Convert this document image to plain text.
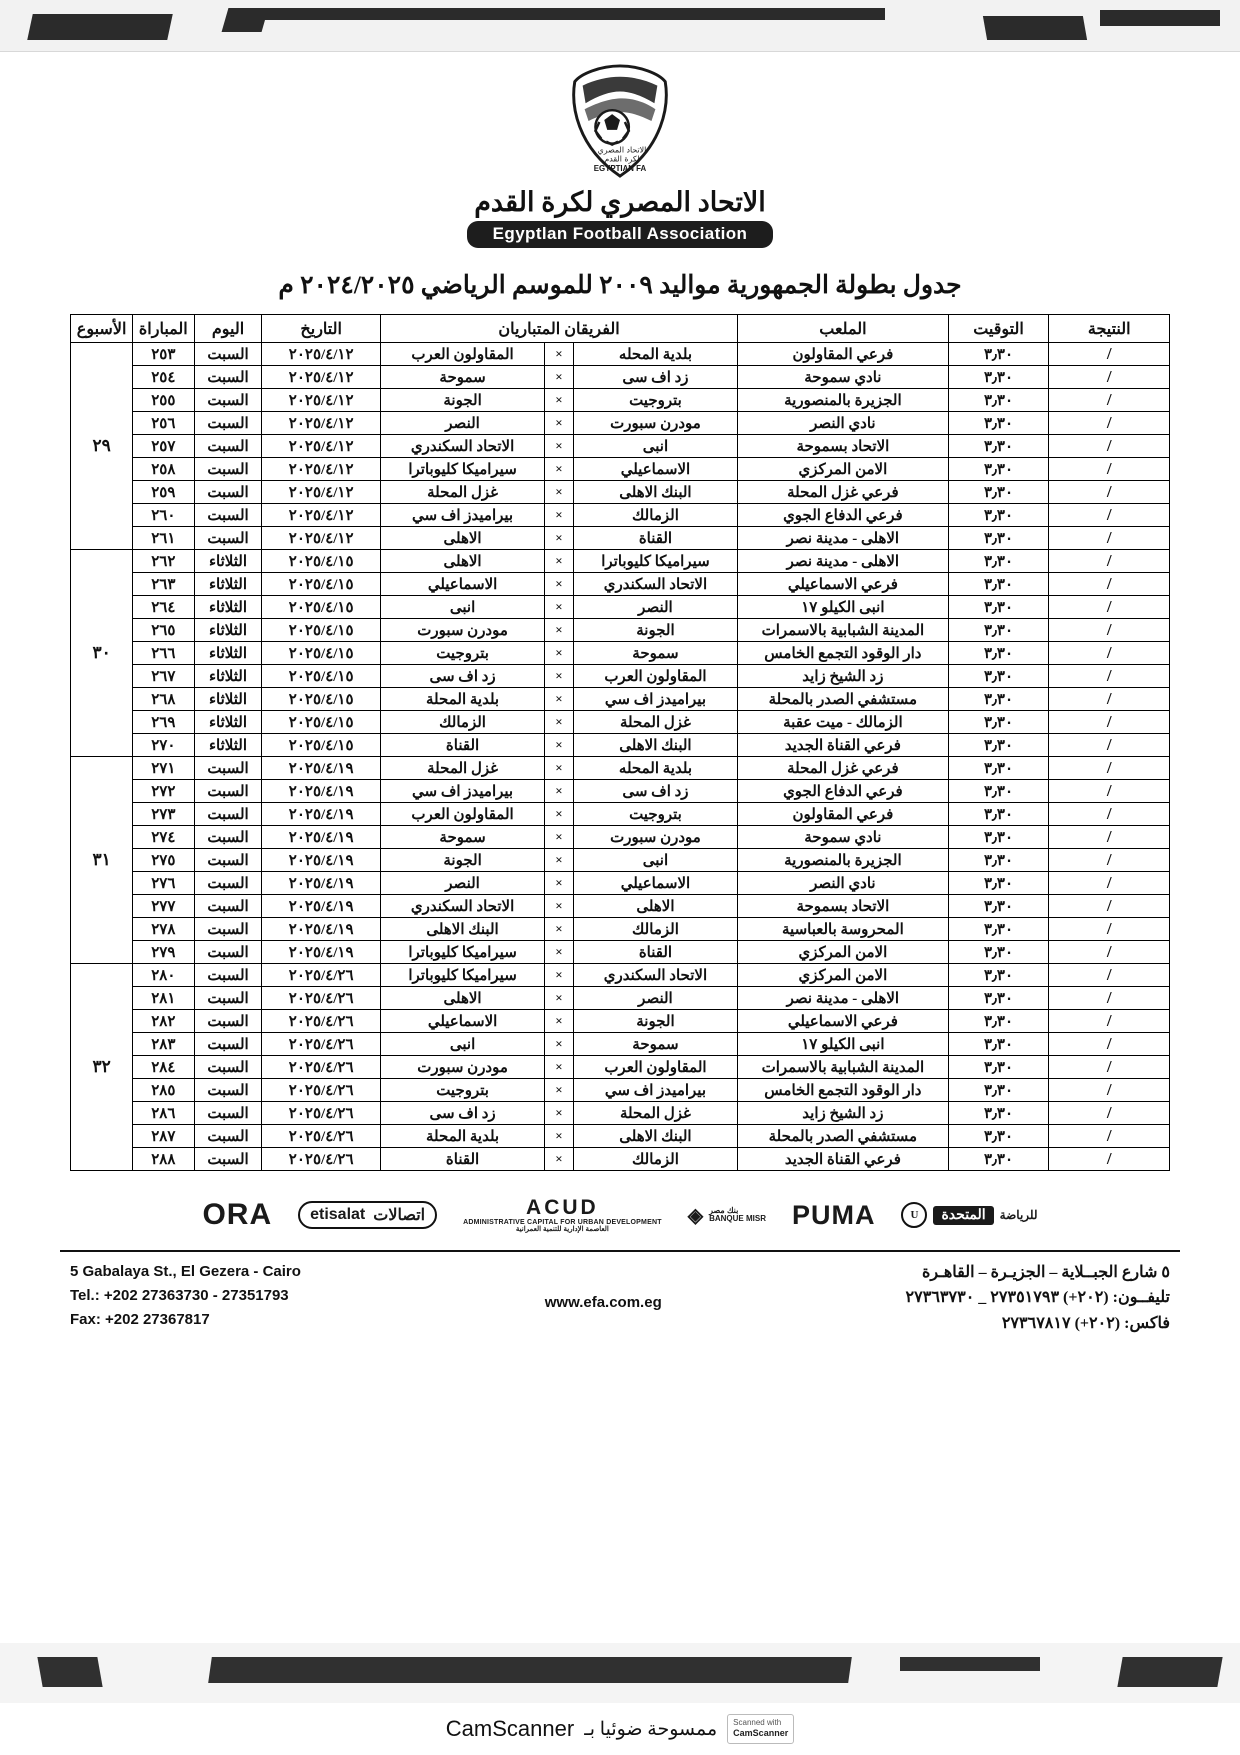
الاتحاد المصري
لكرة القدم
EGYPTIAN FA
الاتحاد المصري لكرة القدم
Egyptlan Football Association
جدول بطولة الجمهورية مواليد ٢٠٠٩ للموسم الرياضي ٢٠٢٤/٢٠٢٥ م
النتيجة	التوقيت	الملعب	الفريقان المتباريان			التاريخ	اليوم	المباراة	الأسبوع
/	٣٫٣٠	فرعي المقاولون	بلدية المحله	×	المقاولون العرب	٢٠٢٥/٤/١٢	السبت	٢٥٣	٢٩
/	٣٫٣٠	نادي سموحة	زد اف سى	×	سموحة	٢٠٢٥/٤/١٢	السبت	٢٥٤	
/	٣٫٣٠	الجزيرة بالمنصورية	بتروجيت	×	الجونة	٢٠٢٥/٤/١٢	السبت	٢٥٥	
/	٣٫٣٠	نادي النصر	مودرن سبورت	×	النصر	٢٠٢٥/٤/١٢	السبت	٢٥٦	
/	٣٫٣٠	الاتحاد بسموحة	انبى	×	الاتحاد السكندري	٢٠٢٥/٤/١٢	السبت	٢٥٧	
/	٣٫٣٠	الامن المركزي	الاسماعيلي	×	سيراميكا كليوباترا	٢٠٢٥/٤/١٢	السبت	٢٥٨	
/	٣٫٣٠	فرعي غزل المحلة	البنك الاهلى	×	غزل المحلة	٢٠٢٥/٤/١٢	السبت	٢٥٩	
/	٣٫٣٠	فرعي الدفاع الجوي	الزمالك	×	بيراميدز اف سي	٢٠٢٥/٤/١٢	السبت	٢٦٠	
/	٣٫٣٠	الاهلى - مدينة نصر	القناة	×	الاهلى	٢٠٢٥/٤/١٢	السبت	٢٦١	
/	٣٫٣٠	الاهلى - مدينة نصر	سيراميكا كليوباترا	×	الاهلى	٢٠٢٥/٤/١٥	الثلاثاء	٢٦٢	٣٠
/	٣٫٣٠	فرعي الاسماعيلي	الاتحاد السكندري	×	الاسماعيلي	٢٠٢٥/٤/١٥	الثلاثاء	٢٦٣	
/	٣٫٣٠	انبى الكيلو ١٧	النصر	×	انبى	٢٠٢٥/٤/١٥	الثلاثاء	٢٦٤	
/	٣٫٣٠	المدينة الشبابية بالاسمرات	الجونة	×	مودرن سبورت	٢٠٢٥/٤/١٥	الثلاثاء	٢٦٥	
/	٣٫٣٠	دار الوقود التجمع الخامس	سموحة	×	بتروجيت	٢٠٢٥/٤/١٥	الثلاثاء	٢٦٦	
/	٣٫٣٠	زد الشيخ زايد	المقاولون العرب	×	زد اف سى	٢٠٢٥/٤/١٥	الثلاثاء	٢٦٧	
/	٣٫٣٠	مستشفي الصدر بالمحلة	بيراميدز اف سي	×	بلدية المحلة	٢٠٢٥/٤/١٥	الثلاثاء	٢٦٨	
/	٣٫٣٠	الزمالك - ميت عقبة	غزل المحلة	×	الزمالك	٢٠٢٥/٤/١٥	الثلاثاء	٢٦٩	
/	٣٫٣٠	فرعي القناة الجديد	البنك الاهلى	×	القناة	٢٠٢٥/٤/١٥	الثلاثاء	٢٧٠	
/	٣٫٣٠	فرعي غزل المحلة	بلدية المحله	×	غزل المحلة	٢٠٢٥/٤/١٩	السبت	٢٧١	٣١
/	٣٫٣٠	فرعي الدفاع الجوي	زد اف سى	×	بيراميدز اف سي	٢٠٢٥/٤/١٩	السبت	٢٧٢	
/	٣٫٣٠	فرعي المقاولون	بتروجيت	×	المقاولون العرب	٢٠٢٥/٤/١٩	السبت	٢٧٣	
/	٣٫٣٠	نادي سموحة	مودرن سبورت	×	سموحة	٢٠٢٥/٤/١٩	السبت	٢٧٤	
/	٣٫٣٠	الجزيرة بالمنصورية	انبى	×	الجونة	٢٠٢٥/٤/١٩	السبت	٢٧٥	
/	٣٫٣٠	نادي النصر	الاسماعيلي	×	النصر	٢٠٢٥/٤/١٩	السبت	٢٧٦	
/	٣٫٣٠	الاتحاد بسموحة	الاهلى	×	الاتحاد السكندري	٢٠٢٥/٤/١٩	السبت	٢٧٧	
/	٣٫٣٠	المحروسة بالعباسية	الزمالك	×	البنك الاهلى	٢٠٢٥/٤/١٩	السبت	٢٧٨	
/	٣٫٣٠	الامن المركزي	القناة	×	سيراميكا كليوباترا	٢٠٢٥/٤/١٩	السبت	٢٧٩	
/	٣٫٣٠	الامن المركزي	الاتحاد السكندري	×	سيراميكا كليوباترا	٢٠٢٥/٤/٢٦	السبت	٢٨٠	٣٢
/	٣٫٣٠	الاهلى - مدينة نصر	النصر	×	الاهلى	٢٠٢٥/٤/٢٦	السبت	٢٨١	
/	٣٫٣٠	فرعي الاسماعيلي	الجونة	×	الاسماعيلي	٢٠٢٥/٤/٢٦	السبت	٢٨٢	
/	٣٫٣٠	انبى الكيلو ١٧	سموحة	×	انبى	٢٠٢٥/٤/٢٦	السبت	٢٨٣	
/	٣٫٣٠	المدينة الشبابية بالاسمرات	المقاولون العرب	×	مودرن سبورت	٢٠٢٥/٤/٢٦	السبت	٢٨٤	
/	٣٫٣٠	دار الوقود التجمع الخامس	بيراميدز اف سي	×	بتروجيت	٢٠٢٥/٤/٢٦	السبت	٢٨٥	
/	٣٫٣٠	زد الشيخ زايد	غزل المحلة	×	زد اف سى	٢٠٢٥/٤/٢٦	السبت	٢٨٦	
/	٣٫٣٠	مستشفي الصدر بالمحلة	البنك الاهلى	×	بلدية المحلة	٢٠٢٥/٤/٢٦	السبت	٢٨٧	
/	٣٫٣٠	فرعي القناة الجديد	الزمالك	×	القناة	٢٠٢٥/٤/٢٦	السبت	٢٨٨	
ORA etisalat اتصالات	ACUD
ADMINISTRATIVE CAPITAL FOR URBAN DEVELOPMENT
العاصمة الإدارية للتنمية العمرانية
◈ بنك مصر
BANQUE MISR PUMA	U	المتحدة	للرياضة
5 Gabalaya St., El Gezera - Cairo
Tel.: +202 27363730 - 27351793
Fax: +202 27367817
www.efa.com.eg
٥ شارع الجبــلاية – الجزيـرة – القاهـرة
تليفــون: (٢٠٢+) ٢٧٣٥١٧٩٣ _ ٢٧٣٦٣٧٣٠
فاكس: (٢٠٢+) ٢٧٣٦٧٨١٧
Scanned with
CamScanner
ممسوحة ضوئيا بـ
CamScanner
